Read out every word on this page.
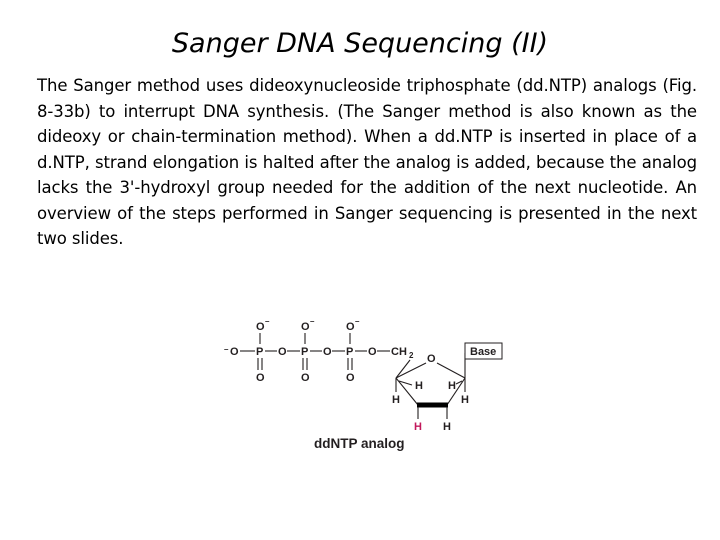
Sanger DNA Sequencing (II)

The Sanger method uses dideoxynucleoside triphosphate (dd.NTP) analogs (Fig. 8-33b) to interrupt DNA synthesis. (The Sanger method is also known as the dideoxy or chain-termination method). When a dd.NTP is inserted in place of a d.NTP, strand elongation is halted after the analog is added, because the analog lacks the 3'-hydroxyl group needed for the addition of the next nucleotide. An overview of the steps performed in Sanger sequencing is presented in the next two slides.

O –	O –	O –
– O P O P O P O CH 2
O	O	O
O
Base
H H
H	H
H H
ddNTP analog
